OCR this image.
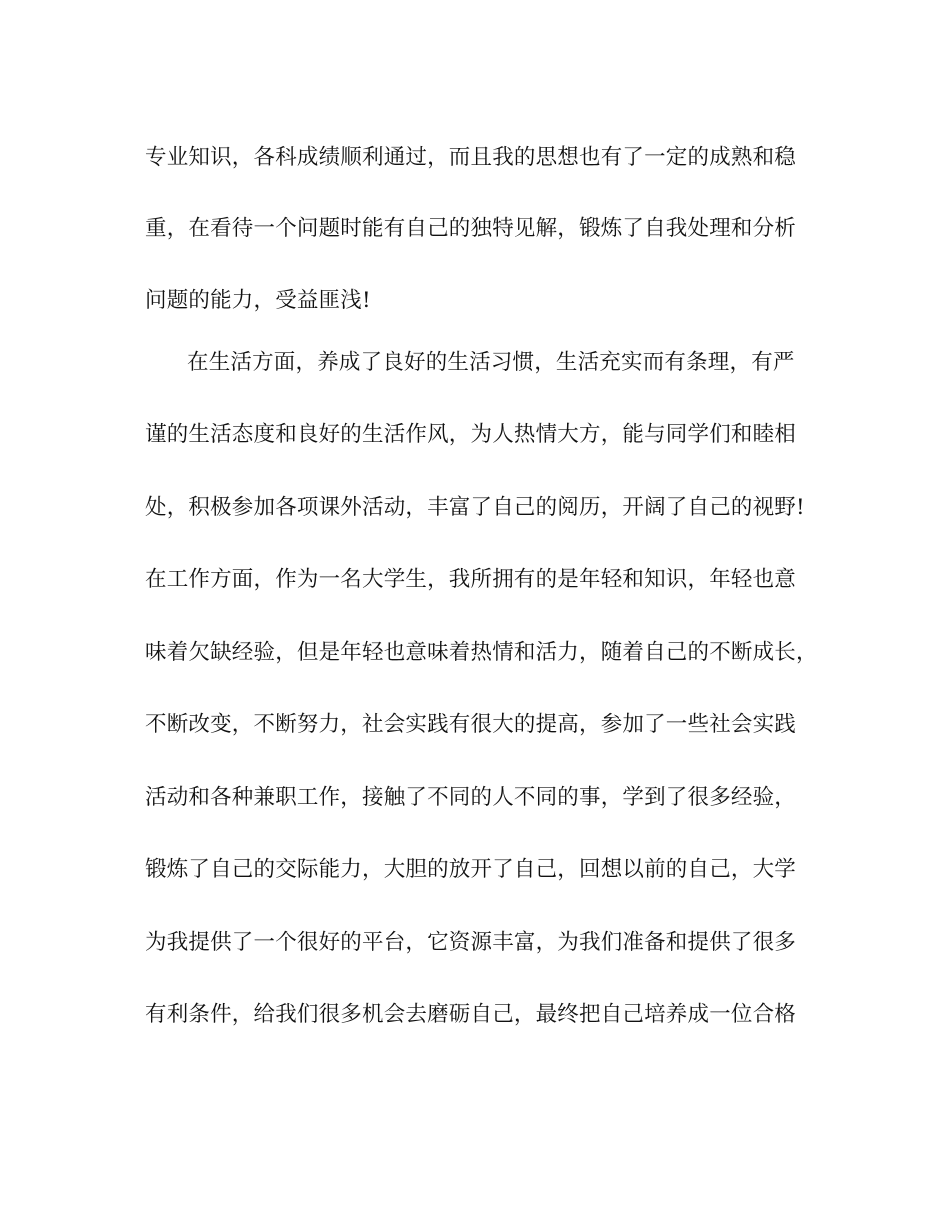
专业知识，各科成绩顺利通过，而且我的思想也有了一定的成熟和稳
重，在看待一个问题时能有自己的独特见解，锻炼了自我处理和分析
问题的能力，受益匪浅!
在生活方面，养成了良好的生活习惯，生活充实而有条理，有严
谨的生活态度和良好的生活作风，为人热情大方，能与同学们和睦相
处，积极参加各项课外活动，丰富了自己的阅历，开阔了自己的视野!
在工作方面，作为一名大学生，我所拥有的是年轻和知识，年轻也意
味着欠缺经验，但是年轻也意味着热情和活力，随着自己的不断成长，
不断改变，不断努力，社会实践有很大的提高，参加了一些社会实践
活动和各种兼职工作，接触了不同的人不同的事，学到了很多经验，
锻炼了自己的交际能力，大胆的放开了自己，回想以前的自己，大学
为我提供了一个很好的平台，它资源丰富，为我们准备和提供了很多
有利条件，给我们很多机会去磨砺自己，最终把自己培养成一位合格
